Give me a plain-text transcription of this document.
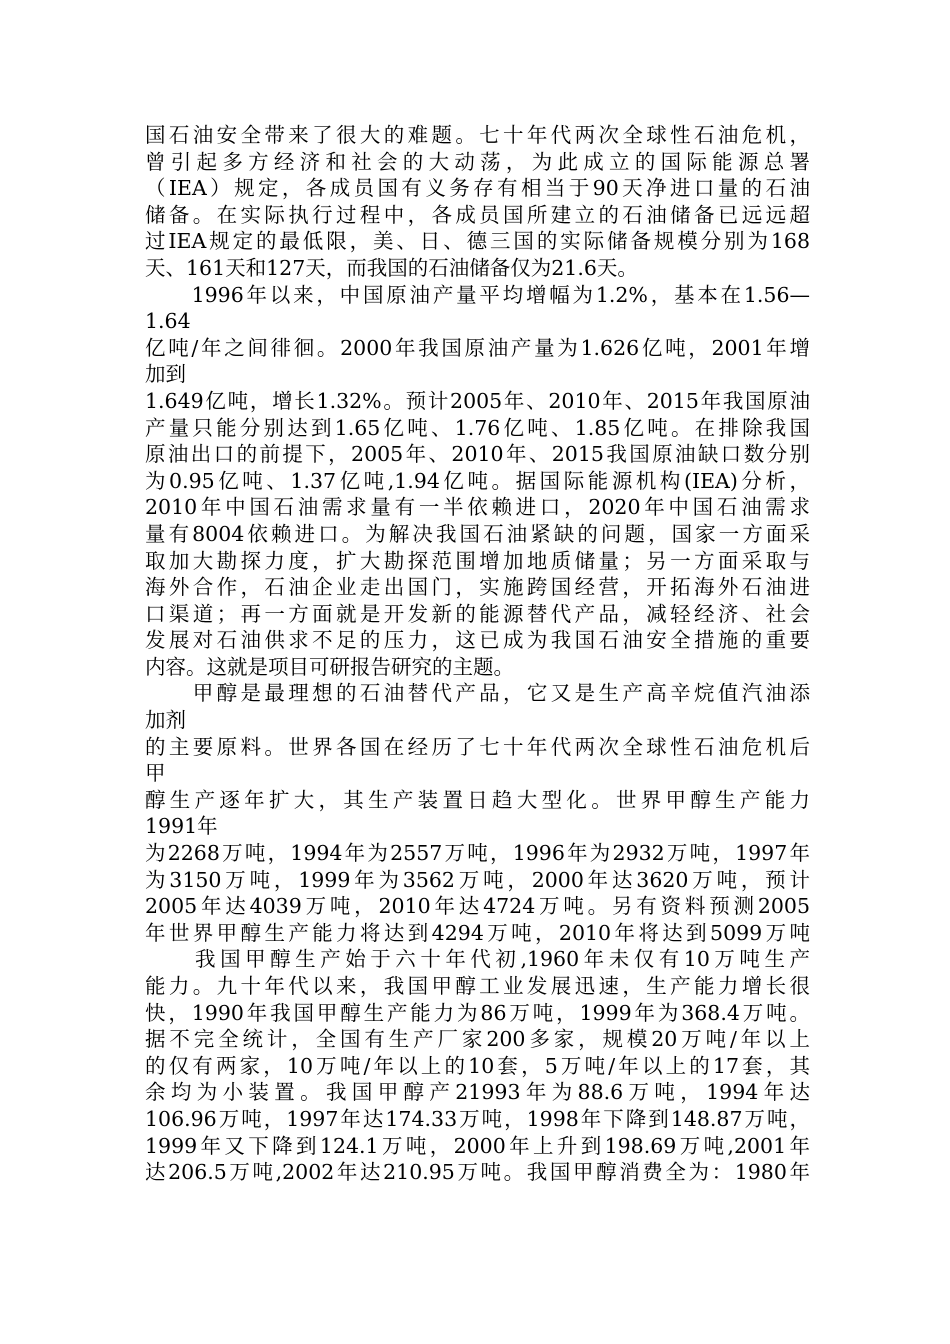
国石油安全带来了很大的难题。七十年代两次全球性石油危机，
曾引起多方经济和社会的大动荡，为此成立的国际能源总署
（IEA）规定，各成员国有义务存有相当于90天净进口量的石油
储备。在实际执行过程中，各成员国所建立的石油储备已远远超
过IEA规定的最低限，美、日、德三国的实际储备规模分别为168
天、161天和127天，而我国的石油储备仅为21.6天。
　　1996年以来，中国原油产量平均增幅为1.2%，基本在1.56—
1.64
亿吨/年之间徘徊。2000年我国原油产量为1.626亿吨，2001年增
加到
1.649亿吨，增长1.32%。预计2005年、2010年、2015年我国原油
产量只能分别达到1.65亿吨、1.76亿吨、1.85亿吨。在排除我国
原油出口的前提下，2005年、2010年、2015我国原油缺口数分别
为0.95亿吨、1.37亿吨,1.94亿吨。据国际能源机构(IEA)分析，
2010年中国石油需求量有一半依赖进口，2020年中国石油需求
量有8004依赖进口。为解决我国石油紧缺的问题，国家一方面采
取加大勘探力度，扩大勘探范围增加地质储量；另一方面采取与
海外合作，石油企业走出国门，实施跨国经营，开拓海外石油进
口渠道；再一方面就是开发新的能源替代产品，减轻经济、社会
发展对石油供求不足的压力，这已成为我国石油安全措施的重要
内容。这就是项目可研报告研究的主题。
　　甲醇是最理想的石油替代产品，它又是生产高辛烷值汽油添
加剂
的主要原料。世界各国在经历了七十年代两次全球性石油危机后
甲
醇生产逐年扩大，其生产装置日趋大型化。世界甲醇生产能力
1991年
为2268万吨，1994年为2557万吨，1996年为2932万吨，1997年
为3150万吨，1999年为3562万吨，2000年达3620万吨，预计
2005年达4039万吨，2010年达4724万吨。另有资料预测2005
年世界甲醇生产能力将达到4294万吨，2010年将达到5099万吨
　　我国甲醇生产始于六十年代初,1960年未仅有10万吨生产
能力。九十年代以来，我国甲醇工业发展迅速，生产能力增长很
快，1990年我国甲醇生产能力为86万吨，1999年为368.4万吨。
据不完全统计，全国有生产厂家200多家，规模20万吨/年以上
的仅有两家，10万吨/年以上的10套，5万吨/年以上的17套，其
余均为小装置。我国甲醇产21993年为88.6万吨，1994年达
106.96万吨，1997年达174.33万吨，1998年下降到148.87万吨，
1999年又下降到124.1万吨，2000年上升到198.69万吨,2001年
达206.5万吨,2002年达210.95万吨。我国甲醇消费全为：1980年
